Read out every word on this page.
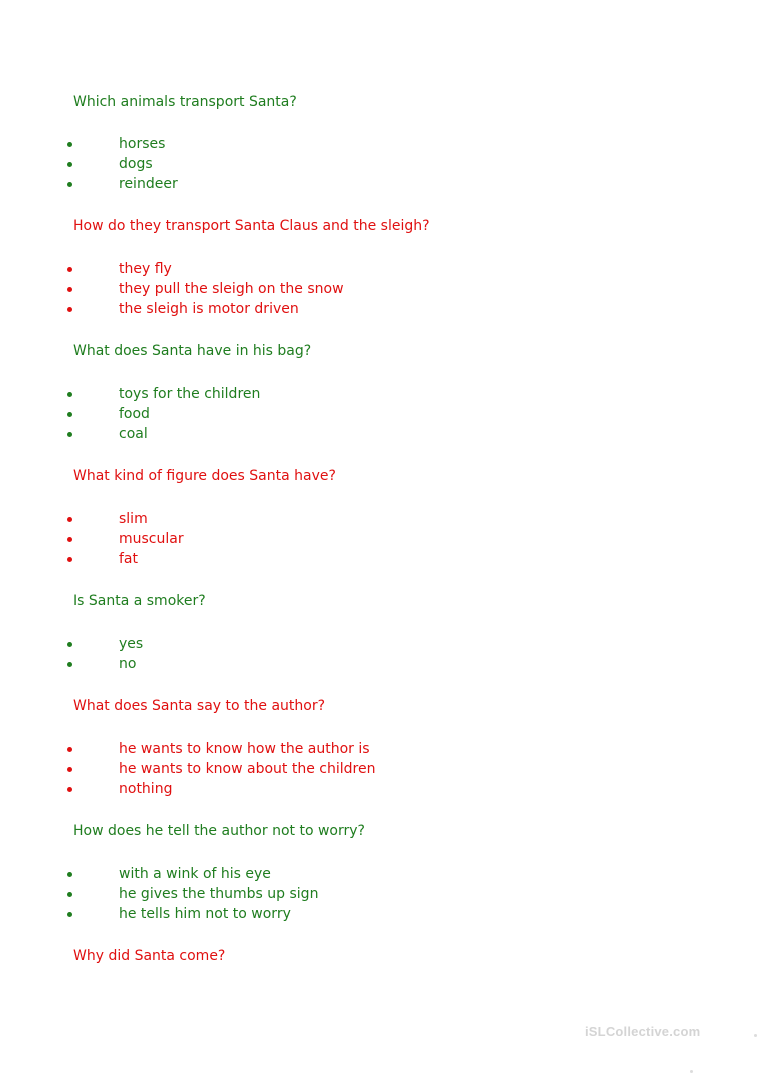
Which animals transport Santa?

horses
dogs
reindeer

How do they transport Santa Claus and the sleigh?

they fly
they pull the sleigh on the snow
the sleigh is motor driven

What does Santa have in his bag?

toys for the children
food
coal

What kind of figure does Santa have?

slim
muscular
fat

Is Santa a smoker?

yes
no

What does Santa say to the author?

he wants to know how the author is
he wants to know about the children
nothing

How does he tell the author not to worry?

with a wink of his eye
he gives the thumbs up sign
he tells him not to worry

Why did Santa come?

iSLCollective.com
